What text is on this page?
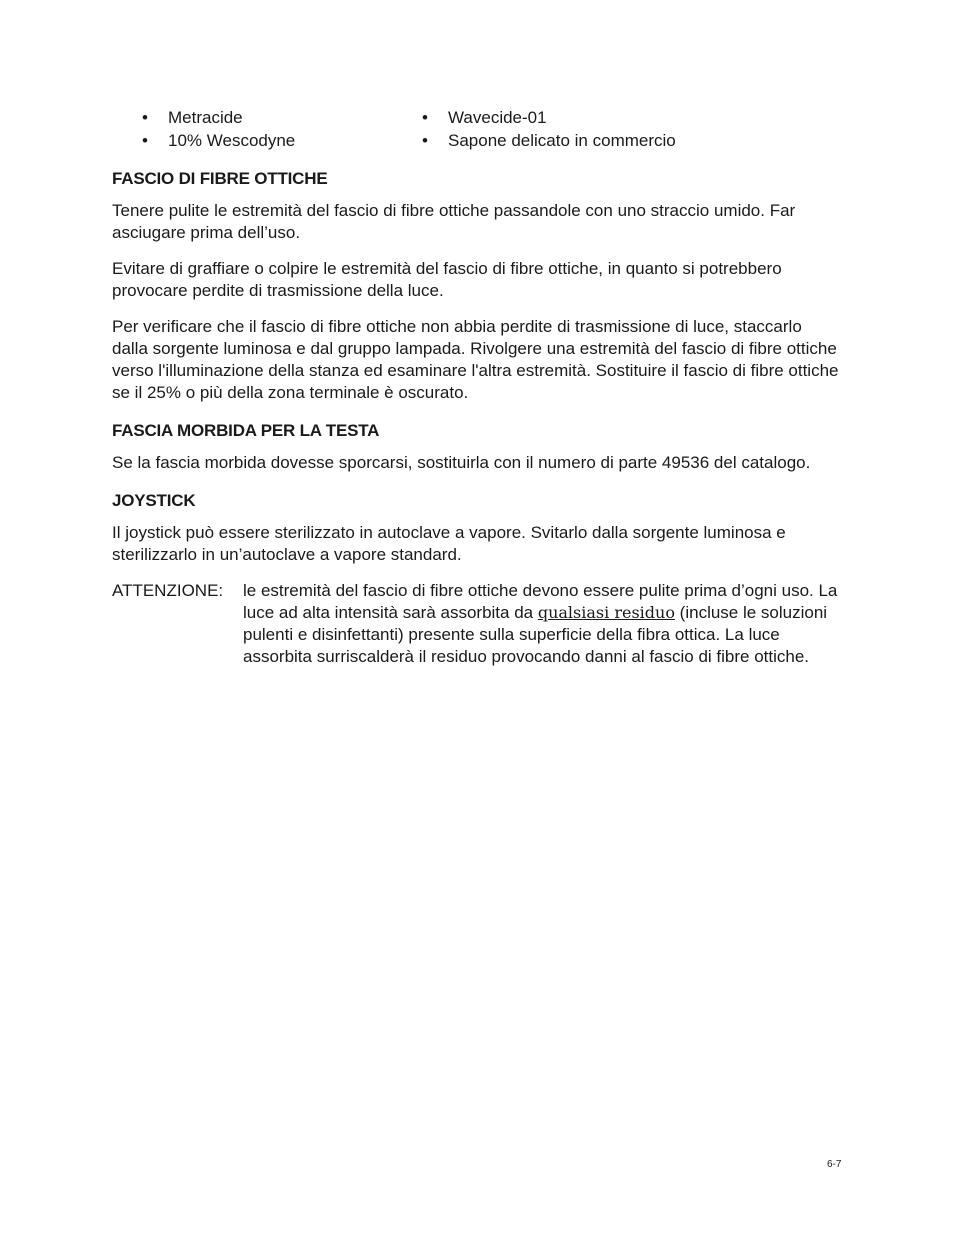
•	Metracide	•	Wavecide-01
•	10% Wescodyne	•	Sapone delicato in commercio
FASCIO DI FIBRE OTTICHE

Tenere pulite le estremità del fascio di fibre ottiche passandole con uno straccio umido. Far asciugare prima dell’uso.

Evitare di graffiare o colpire le estremità del fascio di fibre ottiche, in quanto si potrebbero provocare perdite di trasmissione della luce.

Per verificare che il fascio di fibre ottiche non abbia perdite di trasmissione di luce, staccarlo dalla sorgente luminosa e dal gruppo lampada. Rivolgere una estremità del fascio di fibre ottiche verso l'illuminazione della stanza ed esaminare l'altra estremità. Sostituire il fascio di fibre ottiche se il 25% o più della zona terminale è oscurato.

FASCIA MORBIDA PER LA TESTA

Se la fascia morbida dovesse sporcarsi, sostituirla con il numero di parte 49536 del catalogo.

JOYSTICK

Il joystick può essere sterilizzato in autoclave a vapore. Svitarlo dalla sorgente luminosa e sterilizzarlo in un’autoclave a vapore standard.

ATTENZIONE:	le estremità del fascio di fibre ottiche devono essere pulite prima d’ogni uso. La luce ad alta intensità sarà assorbita da qualsiasi residuo (incluse le soluzioni pulenti e disinfettanti) presente sulla superficie della fibra ottica. La luce assorbita surriscalderà il residuo provocando danni al fascio di fibre ottiche.
6-7
